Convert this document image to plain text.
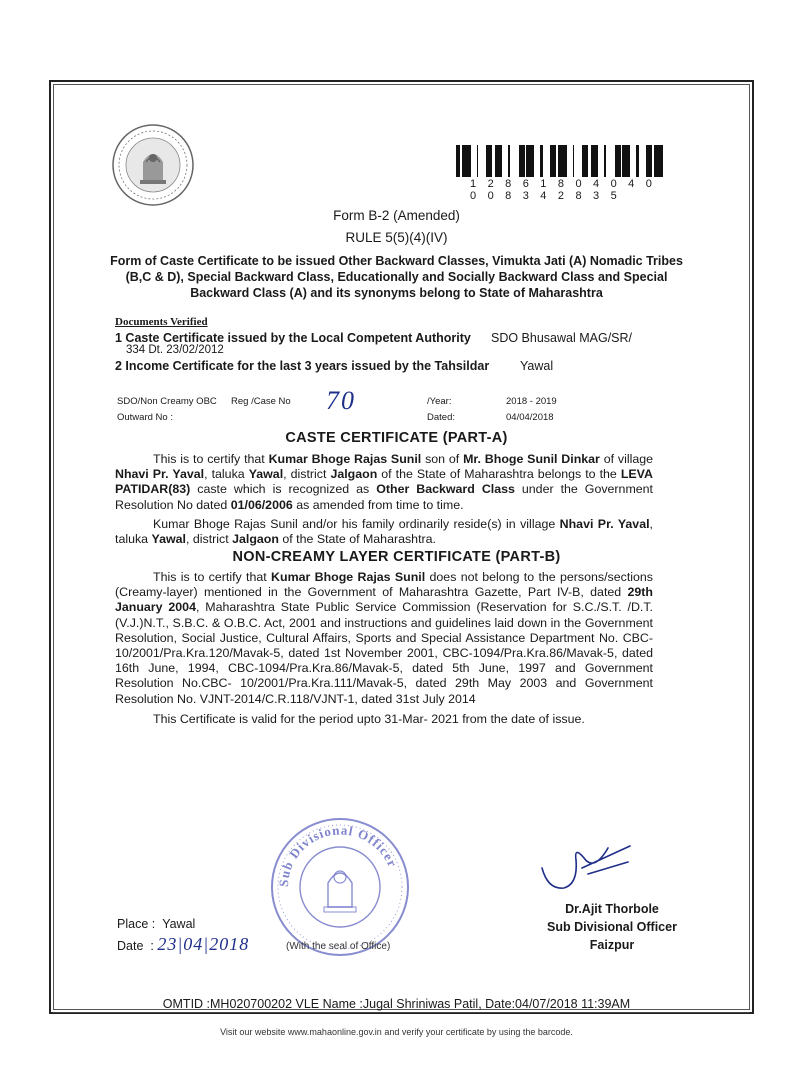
1 2 8 6 1 8 0 4 0 4 0 0 0 8 3 4 2 8 3 5
Form B-2 (Amended)
RULE 5(5)(4)(IV)
Form of Caste Certificate to be issued Other Backward Classes, Vimukta Jati (A) Nomadic Tribes (B,C & D), Special Backward Class, Educationally and Socially Backward Class and Special Backward Class (A) and its synonyms belong to State of Maharashtra
Documents Verified
1 Caste Certificate issued by the Local Competent Authority SDO Bhusawal MAG/SR/
334 Dt. 23/02/2012
2 Income Certificate for the last 3 years issued by the Tahsildar Yawal
SDO/Non Creamy OBC Reg /Case No 70	/Year:	2018 - 2019
Outward No :	Dated:	04/04/2018
CASTE CERTIFICATE (PART-A)
This is to certify that Kumar Bhoge Rajas Sunil son of Mr. Bhoge Sunil Dinkar of village Nhavi Pr. Yaval, taluka Yawal, district Jalgaon of the State of Maharashtra belongs to the LEVA PATIDAR(83) caste which is recognized as Other Backward Class under the Government Resolution No dated 01/06/2006 as amended from time to time.
Kumar Bhoge Rajas Sunil and/or his family ordinarily reside(s) in village Nhavi Pr. Yaval, taluka Yawal, district Jalgaon of the State of Maharashtra.
NON-CREAMY LAYER CERTIFICATE (PART-B)
This is to certify that Kumar Bhoge Rajas Sunil does not belong to the persons/sections (Creamy-layer) mentioned in the Government of Maharashtra Gazette, Part IV-B, dated 29th January 2004, Maharashtra State Public Service Commission (Reservation for S.C./S.T. /D.T.(V.J.)N.T., S.B.C. & O.B.C. Act, 2001 and instructions and guidelines laid down in the Government Resolution, Social Justice, Cultural Affairs, Sports and Special Assistance Department No. CBC-10/2001/Pra.Kra.120/Mavak-5, dated 1st November 2001, CBC-1094/Pra.Kra.86/Mavak-5, dated 16th June, 1994, CBC-1094/Pra.Kra.86/Mavak-5, dated 5th June, 1997 and Government Resolution No.CBC- 10/2001/Pra.Kra.111/Mavak-5, dated 29th May 2003 and Government Resolution No. VJNT-2014/C.R.118/VJNT-1, dated 31st July 2014
This Certificate is valid for the period upto 31-Mar- 2021 from the date of issue.
Sub Divisional Officer
Dr.Ajit Thorbole
Sub Divisional Officer
Faizpur
Place :  Yawal
Date  : 23|04|2018	(With the seal of Office)
OMTID :MH020700202 VLE Name :Jugal Shriniwas Patil, Date:04/07/2018 11:39AM
Visit our website www.mahaonline.gov.in and verify your certificate by using the barcode.
